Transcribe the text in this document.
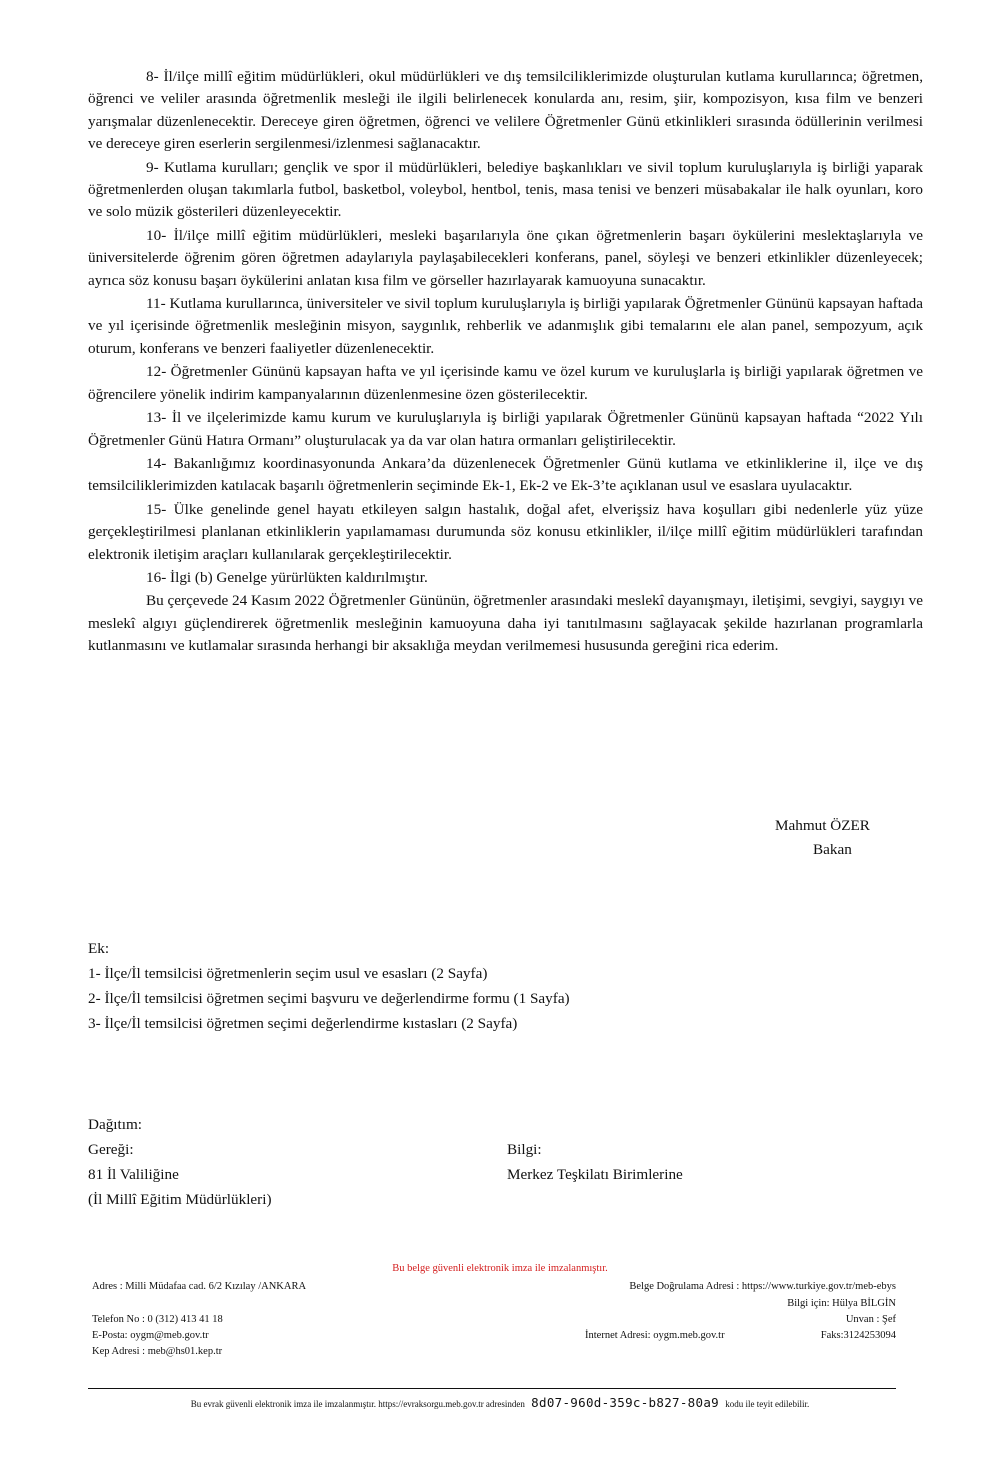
8- İl/ilçe millî eğitim müdürlükleri, okul müdürlükleri ve dış temsilciliklerimizde oluşturulan kutlama kurullarınca; öğretmen, öğrenci ve veliler arasında öğretmenlik mesleği ile ilgili belirlenecek konularda anı, resim, şiir, kompozisyon, kısa film ve benzeri yarışmalar düzenlenecektir. Dereceye giren öğretmen, öğrenci ve velilere Öğretmenler Günü etkinlikleri sırasında ödüllerinin verilmesi ve dereceye giren eserlerin sergilenmesi/izlenmesi sağlanacaktır.

9- Kutlama kurulları; gençlik ve spor il müdürlükleri, belediye başkanlıkları ve sivil toplum kuruluşlarıyla iş birliği yaparak öğretmenlerden oluşan takımlarla futbol, basketbol, voleybol, hentbol, tenis, masa tenisi ve benzeri müsabakalar ile halk oyunları, koro ve solo müzik gösterileri düzenleyecektir.

10- İl/ilçe millî eğitim müdürlükleri, mesleki başarılarıyla öne çıkan öğretmenlerin başarı öykülerini meslektaşlarıyla ve üniversitelerde öğrenim gören öğretmen adaylarıyla paylaşabilecekleri konferans, panel, söyleşi ve benzeri etkinlikler düzenleyecek; ayrıca söz konusu başarı öykülerini anlatan kısa film ve görseller hazırlayarak kamuoyuna sunacaktır.

11- Kutlama kurullarınca, üniversiteler ve sivil toplum kuruluşlarıyla iş birliği yapılarak Öğretmenler Gününü kapsayan haftada ve yıl içerisinde öğretmenlik mesleğinin misyon, saygınlık, rehberlik ve adanmışlık gibi temalarını ele alan panel, sempozyum, açık oturum, konferans ve benzeri faaliyetler düzenlenecektir.

12- Öğretmenler Gününü kapsayan hafta ve yıl içerisinde kamu ve özel kurum ve kuruluşlarla iş birliği yapılarak öğretmen ve öğrencilere yönelik indirim kampanyalarının düzenlenmesine özen gösterilecektir.

13- İl ve ilçelerimizde kamu kurum ve kuruluşlarıyla iş birliği yapılarak Öğretmenler Gününü kapsayan haftada “2022 Yılı Öğretmenler Günü Hatıra Ormanı” oluşturulacak ya da var olan hatıra ormanları geliştirilecektir.

14- Bakanlığımız koordinasyonunda Ankara’da düzenlenecek Öğretmenler Günü kutlama ve etkinliklerine il, ilçe ve dış temsilciliklerimizden katılacak başarılı öğretmenlerin seçiminde Ek-1, Ek-2 ve Ek-3’te açıklanan usul ve esaslara uyulacaktır.

15- Ülke genelinde genel hayatı etkileyen salgın hastalık, doğal afet, elverişsiz hava koşulları gibi nedenlerle yüz yüze gerçekleştirilmesi planlanan etkinliklerin yapılamaması durumunda söz konusu etkinlikler, il/ilçe millî eğitim müdürlükleri tarafından elektronik iletişim araçları kullanılarak gerçekleştirilecektir.

16- İlgi (b) Genelge yürürlükten kaldırılmıştır.

Bu çerçevede 24 Kasım 2022 Öğretmenler Gününün, öğretmenler arasındaki meslekî dayanışmayı, iletişimi, sevgiyi, saygıyı ve meslekî algıyı güçlendirerek öğretmenlik mesleğinin kamuoyuna daha iyi tanıtılmasını sağlayacak şekilde hazırlanan programlarla kutlanmasını ve kutlamalar sırasında herhangi bir aksaklığa meydan verilmemesi hususunda gereğini rica ederim.

Mahmut ÖZER
Bakan
Ek:
1- İlçe/İl temsilcisi öğretmenlerin seçim usul ve esasları (2 Sayfa)
2- İlçe/İl temsilcisi öğretmen seçimi başvuru ve değerlendirme formu (1 Sayfa)
3- İlçe/İl temsilcisi öğretmen seçimi değerlendirme kıstasları (2 Sayfa)
Dağıtım:
Gereği:
81 İl Valiliğine
(İl Millî Eğitim Müdürlükleri)
Bilgi:
Merkez Teşkilatı Birimlerine
Bu belge güvenli elektronik imza ile imzalanmıştır.
Adres : Milli Müdafaa cad. 6/2 Kızılay /ANKARA
Telefon No : 0 (312) 413 41 18
E-Posta: oygm@meb.gov.tr
Kep Adresi : meb@hs01.kep.tr
Belge Doğrulama Adresi : https://www.turkiye.gov.tr/meb-ebys
Bilgi için: Hülya BİLGİN
Unvan : Şef
İnternet Adresi: oygm.meb.gov.tr	Faks:3124253094
Bu evrak güvenli elektronik imza ile imzalanmıştır. https://evraksorgu.meb.gov.tr adresinden 8d07-960d-359c-b827-80a9 kodu ile teyit edilebilir.
